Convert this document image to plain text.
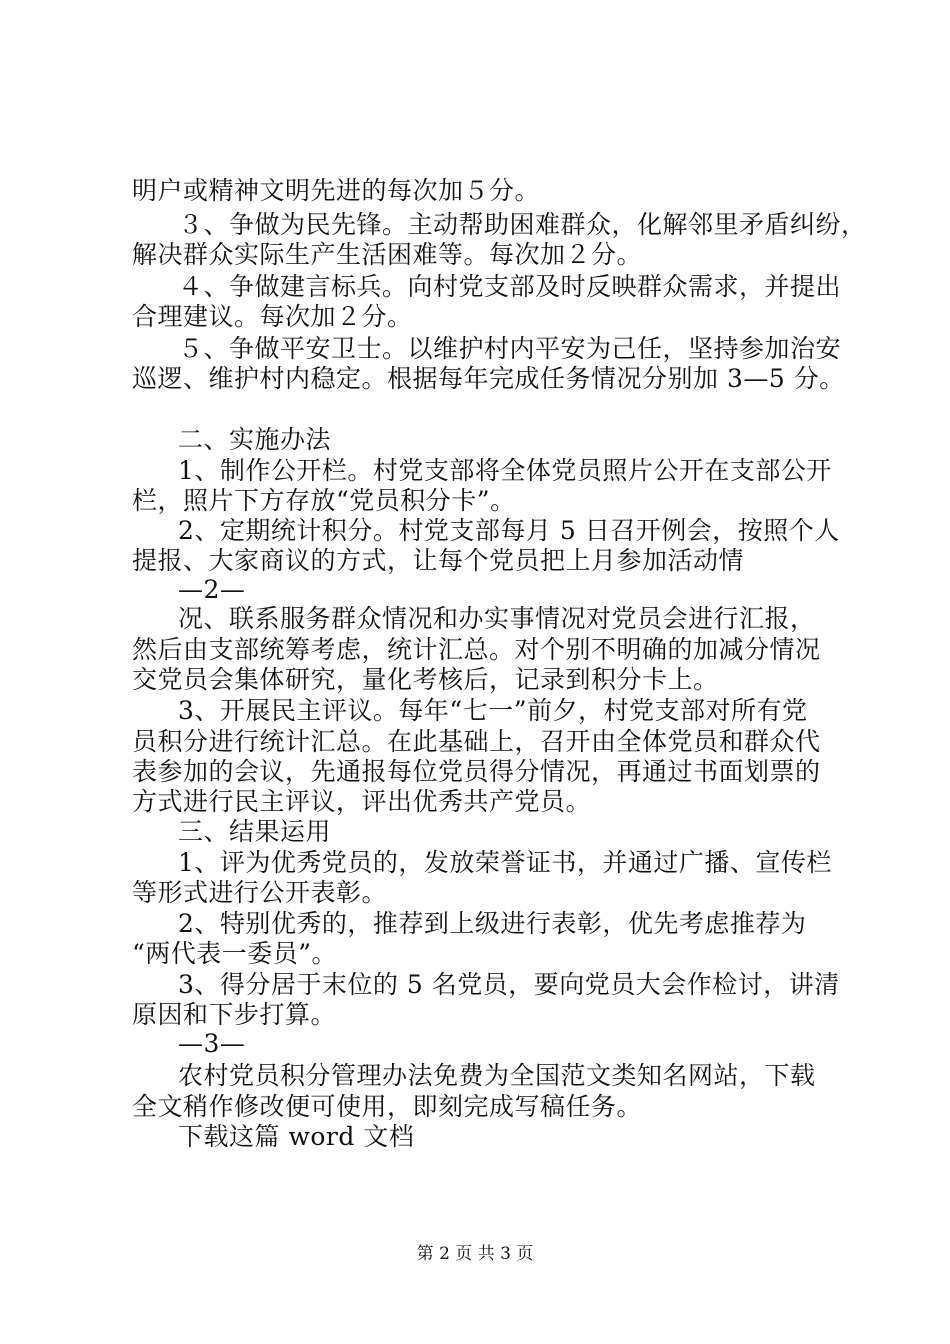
明户或精神文明先进的每次加５分。
３、争做为民先锋。主动帮助困难群众，化解邻里矛盾纠纷，
解决群众实际生产生活困难等。每次加２分。
４、争做建言标兵。向村党支部及时反映群众需求，并提出
合理建议。每次加２分。
５、争做平安卫士。以维护村内平安为己任，坚持参加治安
巡逻、维护村内稳定。根据每年完成任务情况分别加 3—5 分。
二、实施办法
1、制作公开栏。村党支部将全体党员照片公开在支部公开
栏，照片下方存放“党员积分卡”。
2、定期统计积分。村党支部每月 5 日召开例会，按照个人
提报、大家商议的方式，让每个党员把上月参加活动情
—2—
况、联系服务群众情况和办实事情况对党员会进行汇报，
然后由支部统筹考虑，统计汇总。对个别不明确的加减分情况
交党员会集体研究，量化考核后，记录到积分卡上。
3、开展民主评议。每年“七一”前夕，村党支部对所有党
员积分进行统计汇总。在此基础上，召开由全体党员和群众代
表参加的会议，先通报每位党员得分情况，再通过书面划票的
方式进行民主评议，评出优秀共产党员。
三、结果运用
1、评为优秀党员的，发放荣誉证书，并通过广播、宣传栏
等形式进行公开表彰。
2、特别优秀的，推荐到上级进行表彰，优先考虑推荐为
“两代表一委员”。
3、得分居于末位的 5 名党员，要向党员大会作检讨，讲清
原因和下步打算。
—3—
农村党员积分管理办法免费为全国范文类知名网站，下载
全文稍作修改便可使用，即刻完成写稿任务。
下载这篇 word 文档
第 2 页 共 3 页
